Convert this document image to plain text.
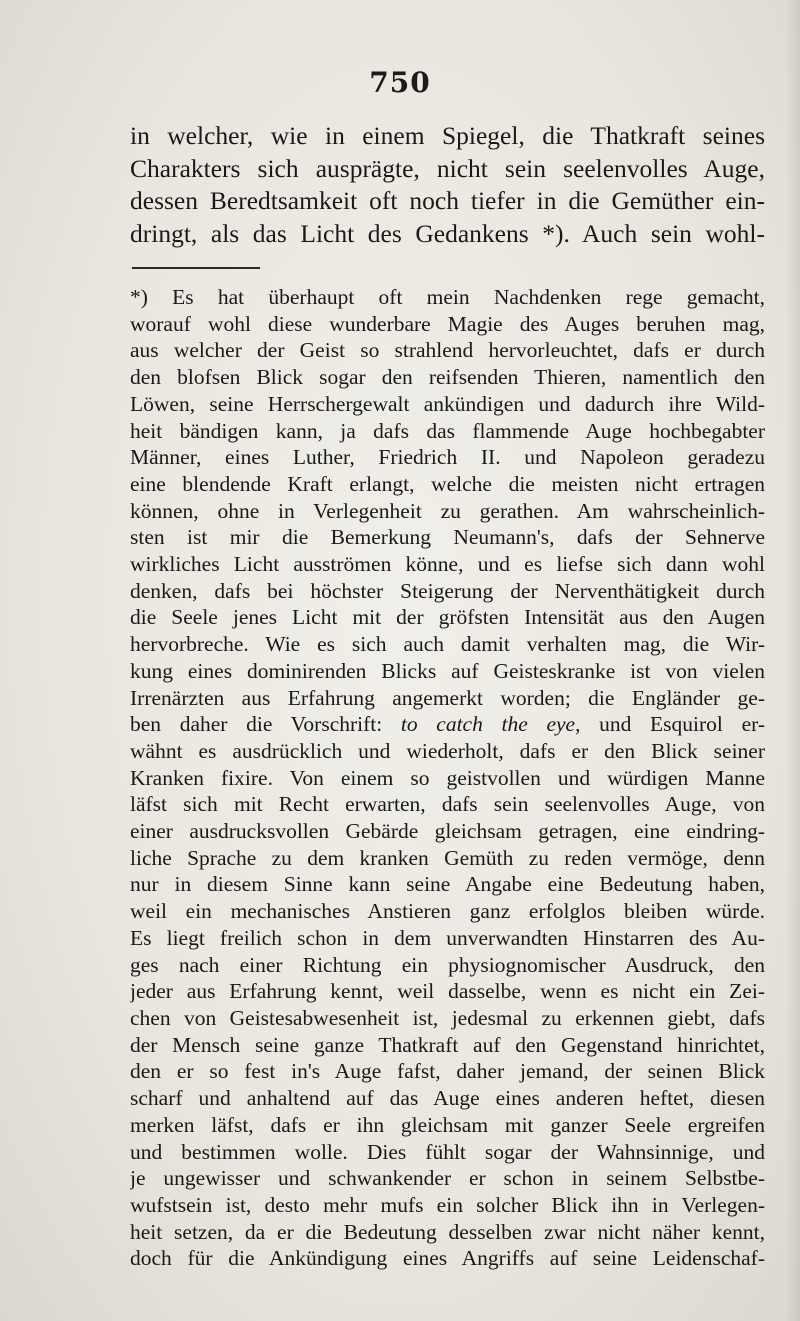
750
in welcher, wie in einem Spiegel, die Thatkraft seines
Charakters sich ausprägte, nicht sein seelenvolles Auge,
dessen Beredtsamkeit oft noch tiefer in die Gemüther ein-
dringt, als das Licht des Gedankens *). Auch sein wohl-
*) Es hat überhaupt oft mein Nachdenken rege gemacht,
worauf wohl diese wunderbare Magie des Auges beruhen mag,
aus welcher der Geist so strahlend hervorleuchtet, dafs er durch
den blofsen Blick sogar den reifsenden Thieren, namentlich den
Löwen, seine Herrschergewalt ankündigen und dadurch ihre Wild-
heit bändigen kann, ja dafs das flammende Auge hochbegabter
Männer, eines Luther, Friedrich II. und Napoleon geradezu
eine blendende Kraft erlangt, welche die meisten nicht ertragen
können, ohne in Verlegenheit zu gerathen. Am wahrscheinlich-
sten ist mir die Bemerkung Neumann's, dafs der Sehnerve
wirkliches Licht ausströmen könne, und es liefse sich dann wohl
denken, dafs bei höchster Steigerung der Nerventhätigkeit durch
die Seele jenes Licht mit der gröfsten Intensität aus den Augen
hervorbreche. Wie es sich auch damit verhalten mag, die Wir-
kung eines dominirenden Blicks auf Geisteskranke ist von vielen
Irrenärzten aus Erfahrung angemerkt worden; die Engländer ge-
ben daher die Vorschrift: to catch the eye, und Esquirol er-
wähnt es ausdrücklich und wiederholt, dafs er den Blick seiner
Kranken fixire. Von einem so geistvollen und würdigen Manne
läfst sich mit Recht erwarten, dafs sein seelenvolles Auge, von
einer ausdrucksvollen Gebärde gleichsam getragen, eine eindring-
liche Sprache zu dem kranken Gemüth zu reden vermöge, denn
nur in diesem Sinne kann seine Angabe eine Bedeutung haben,
weil ein mechanisches Anstieren ganz erfolglos bleiben würde.
Es liegt freilich schon in dem unverwandten Hinstarren des Au-
ges nach einer Richtung ein physiognomischer Ausdruck, den
jeder aus Erfahrung kennt, weil dasselbe, wenn es nicht ein Zei-
chen von Geistesabwesenheit ist, jedesmal zu erkennen giebt, dafs
der Mensch seine ganze Thatkraft auf den Gegenstand hinrichtet,
den er so fest in's Auge fafst, daher jemand, der seinen Blick
scharf und anhaltend auf das Auge eines anderen heftet, diesen
merken läfst, dafs er ihn gleichsam mit ganzer Seele ergreifen
und bestimmen wolle. Dies fühlt sogar der Wahnsinnige, und
je ungewisser und schwankender er schon in seinem Selbstbe-
wufstsein ist, desto mehr mufs ein solcher Blick ihn in Verlegen-
heit setzen, da er die Bedeutung desselben zwar nicht näher kennt,
doch für die Ankündigung eines Angriffs auf seine Leidenschaf-
